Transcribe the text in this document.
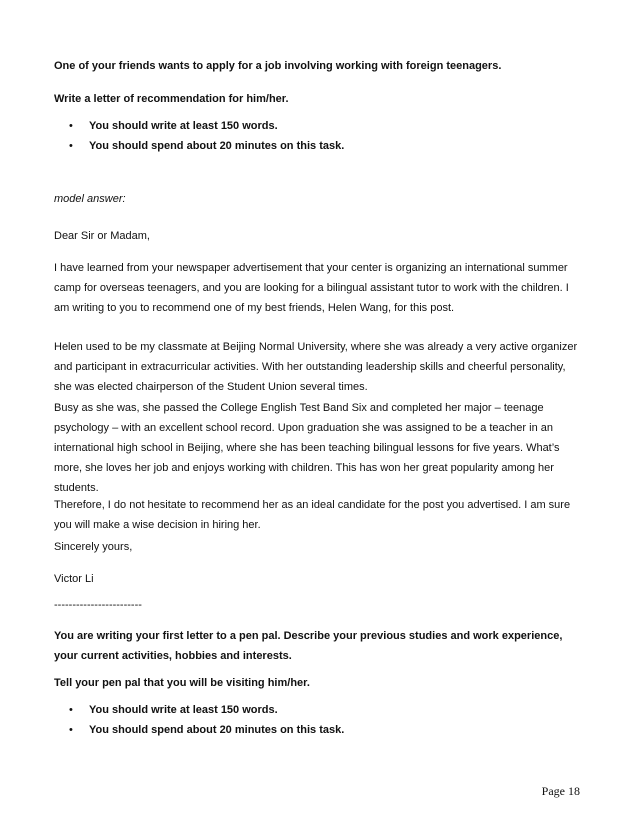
One of your friends wants to apply for a job involving working with foreign teenagers.

Write a letter of recommendation for him/her.

• You should write at least 150 words.
• You should spend about 20 minutes on this task.

model answer:

Dear Sir or Madam,

I have learned from your newspaper advertisement that your center is organizing an international summer camp for overseas teenagers, and you are looking for a bilingual assistant tutor to work with the children. I am writing to you to recommend one of my best friends, Helen Wang, for this post.

Helen used to be my classmate at Beijing Normal University, where she was already a very active organizer and participant in extracurricular activities. With her outstanding leadership skills and cheerful personality, she was elected chairperson of the Student Union several times.

Busy as she was, she passed the College English Test Band Six and completed her major – teenage psychology – with an excellent school record. Upon graduation she was assigned to be a teacher in an international high school in Beijing, where she has been teaching bilingual lessons for five years. What’s more, she loves her job and enjoys working with children. This has won her great popularity among her students.

Therefore, I do not hesitate to recommend her as an ideal candidate for the post you advertised. I am sure you will make a wise decision in hiring her.

Sincerely yours,

Victor Li

------------------------

You are writing your first letter to a pen pal. Describe your previous studies and work experience, your current activities, hobbies and interests.

Tell your pen pal that you will be visiting him/her.

• You should write at least 150 words.
• You should spend about 20 minutes on this task.
Page 18
